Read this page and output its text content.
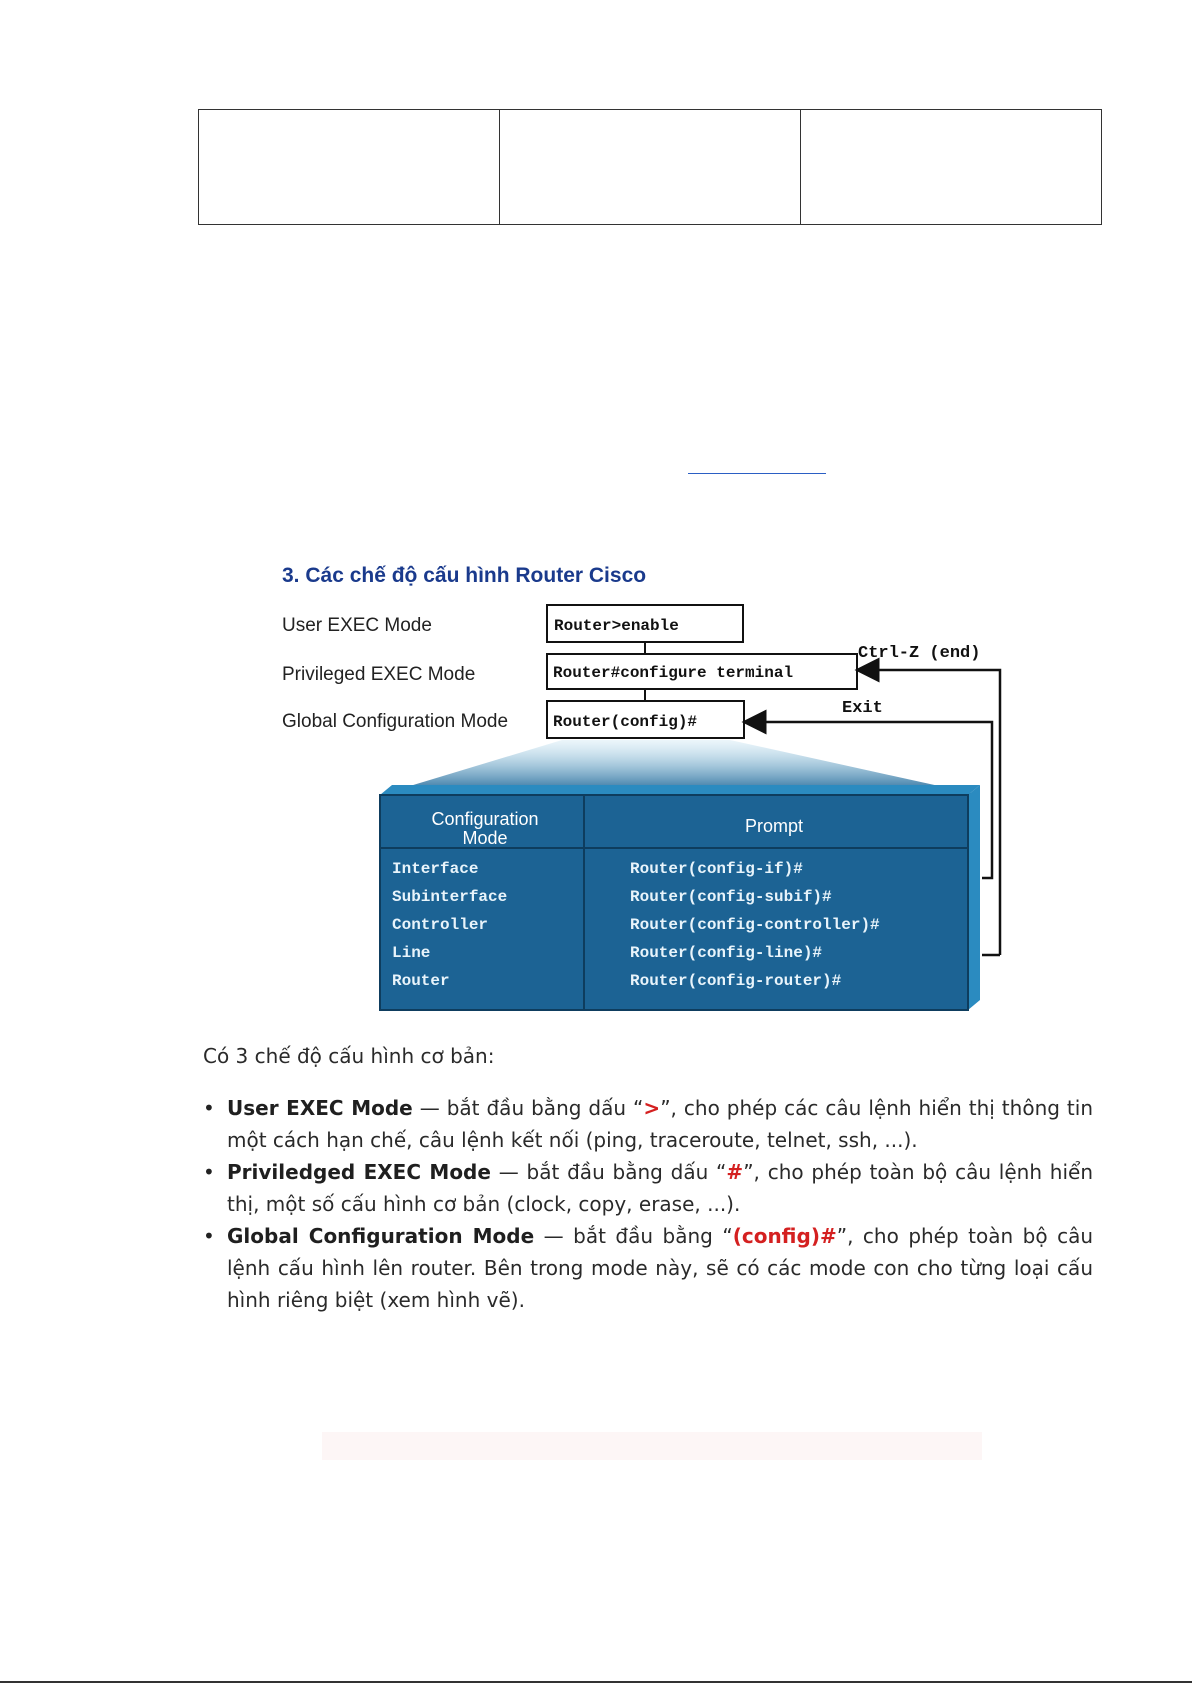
3. Các chế độ cấu hình Router Cisco
User EXEC Mode
Privileged EXEC Mode
Global Configuration Mode
Router>enable
Router#configure terminal
Router(config)#
Ctrl-Z (end)
Exit
Configuration
Mode
Prompt
Interface	Router(config-if)#
Subinterface	Router(config-subif)#
Controller	Router(config-controller)#
Line	Router(config-line)#
Router	Router(config-router)#

Có 3 chế độ cấu hình cơ bản:

• User EXEC Mode — bắt đầu bằng dấu “>”, cho phép các câu lệnh hiển thị thông tin một cách hạn chế, câu lệnh kết nối (ping, traceroute, telnet, ssh, ...).
• Priviledged EXEC Mode — bắt đầu bằng dấu “#”, cho phép toàn bộ câu lệnh hiển thị, một số cấu hình cơ bản (clock, copy, erase, ...).
• Global Configuration Mode — bắt đầu bằng “(config)#”, cho phép toàn bộ câu lệnh cấu hình lên router. Bên trong mode này, sẽ có các mode con cho từng loại cấu hình riêng biệt (xem hình vẽ).
